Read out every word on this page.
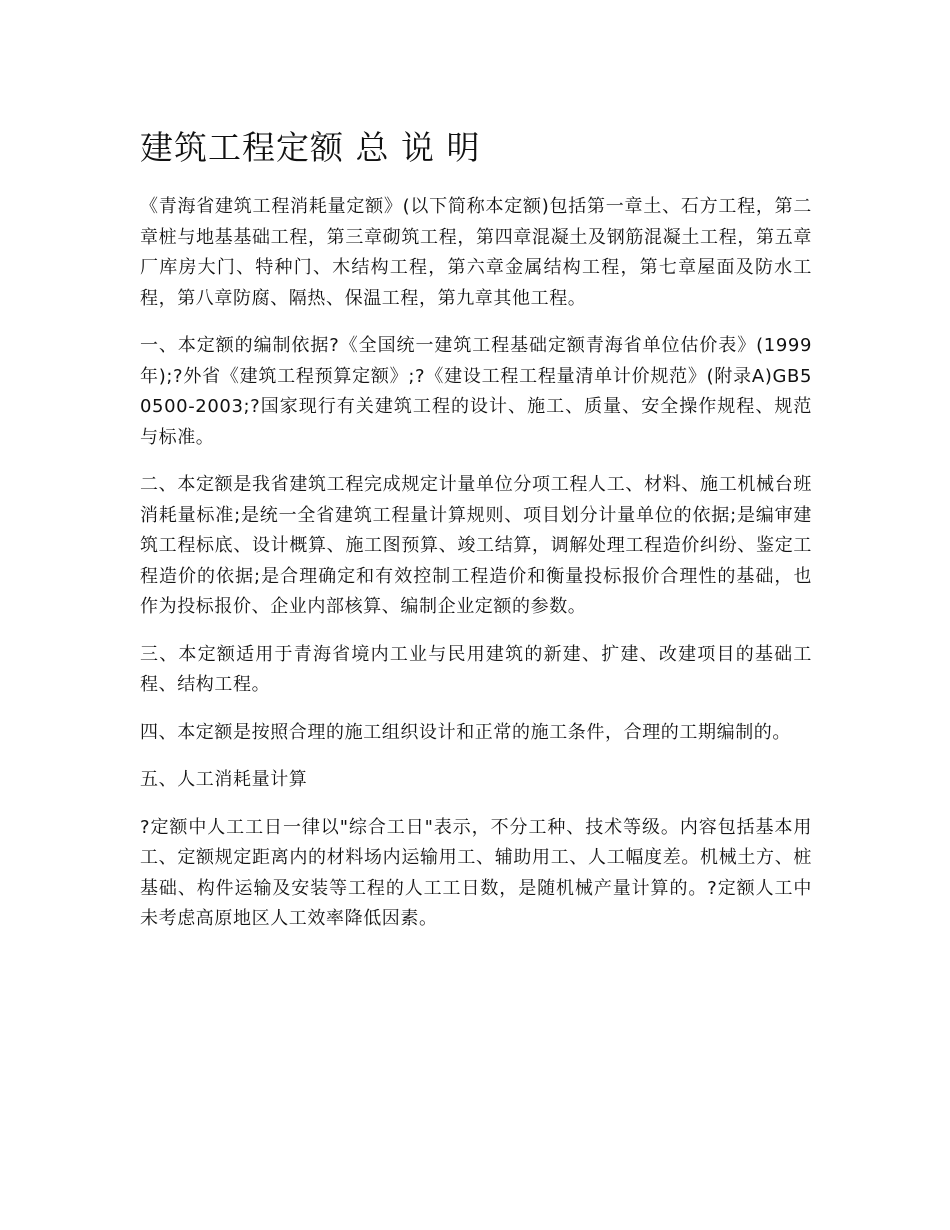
建筑工程定额 总 说 明

《青海省建筑工程消耗量定额》(以下简称本定额)包括第一章土、石方工程，第二章桩与地基基础工程，第三章砌筑工程，第四章混凝土及钢筋混凝土工程，第五章厂库房大门、特种门、木结构工程，第六章金属结构工程，第七章屋面及防水工程，第八章防腐、隔热、保温工程，第九章其他工程。

一、本定额的编制依据?《全国统一建筑工程基础定额青海省单位估价表》(1999年);?外省《建筑工程预算定额》;?《建设工程工程量清单计价规范》(附录A)GB50500-2003;?国家现行有关建筑工程的设计、施工、质量、安全操作规程、规范与标准。

二、本定额是我省建筑工程完成规定计量单位分项工程人工、材料、施工机械台班消耗量标准;是统一全省建筑工程量计算规则、项目划分计量单位的依据;是编审建筑工程标底、设计概算、施工图预算、竣工结算，调解处理工程造价纠纷、鉴定工程造价的依据;是合理确定和有效控制工程造价和衡量投标报价合理性的基础，也作为投标报价、企业内部核算、编制企业定额的参数。

三、本定额适用于青海省境内工业与民用建筑的新建、扩建、改建项目的基础工程、结构工程。

四、本定额是按照合理的施工组织设计和正常的施工条件，合理的工期编制的。

五、人工消耗量计算

?定额中人工工日一律以"综合工日"表示，不分工种、技术等级。内容包括基本用工、定额规定距离内的材料场内运输用工、辅助用工、人工幅度差。机械土方、桩基础、构件运输及安装等工程的人工工日数，是随机械产量计算的。?定额人工中未考虑高原地区人工效率降低因素。
